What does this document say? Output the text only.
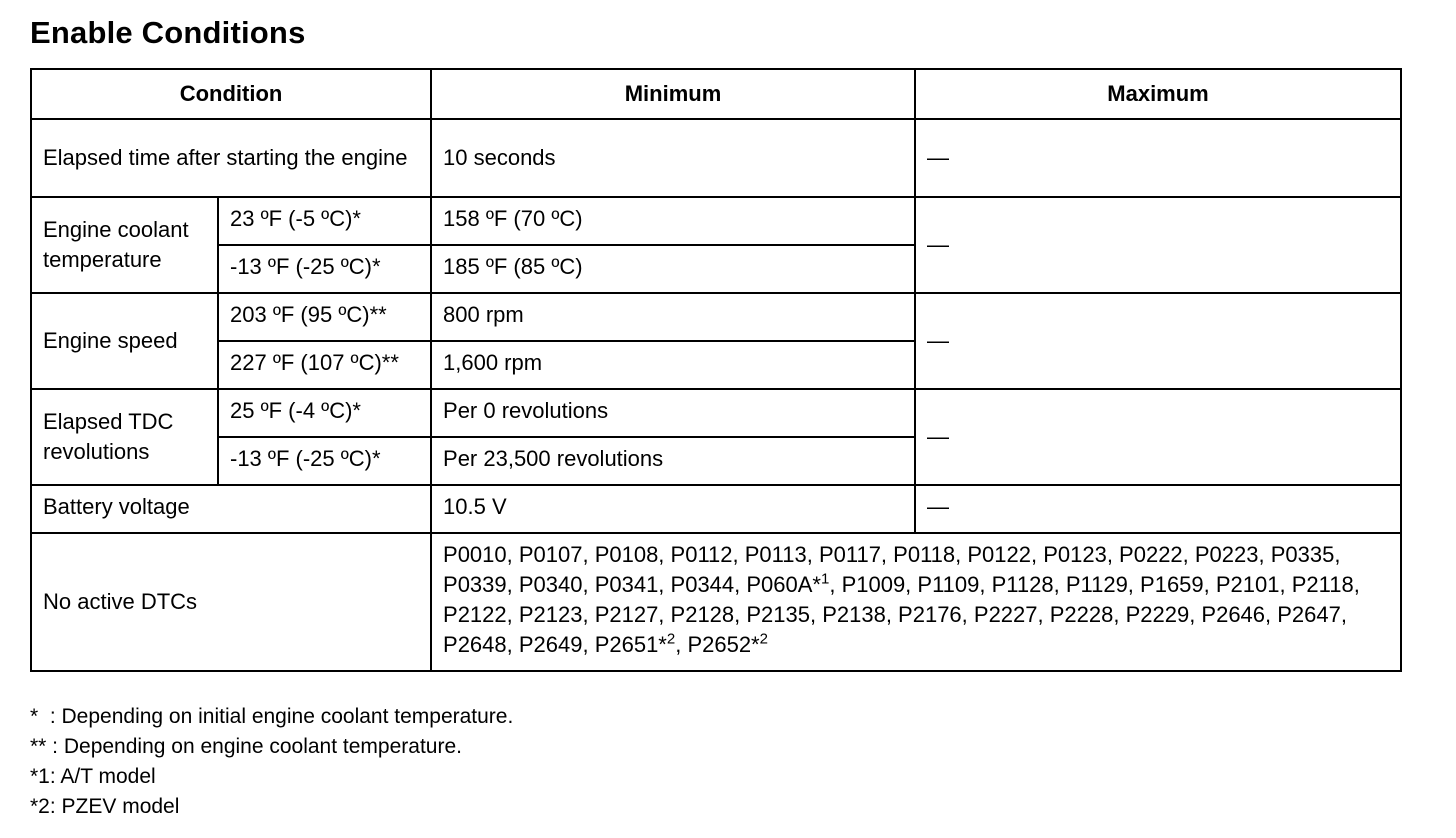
Enable Conditions
Condition		Minimum	Maximum
Elapsed time after starting the engine		10 seconds	—
Engine coolant temperature	23 ºF (-5 ºC)*	158 ºF (70 ºC)	—
	-13 ºF (-25 ºC)*	185 ºF (85 ºC)	
Engine speed	203 ºF (95 ºC)**	800 rpm	—
	227 ºF (107 ºC)**	1,600 rpm	
Elapsed TDC revolutions	25 ºF (-4 ºC)*	Per 0 revolutions	—
	-13 ºF (-25 ºC)*	Per 23,500 revolutions	
Battery voltage		10.5 V	—
No active DTCs		P0010, P0107, P0108, P0112, P0113, P0117, P0118, P0122, P0123, P0222, P0223, P0335, P0339, P0340, P0341, P0344, P060A*$^1$, P1009, P1109, P1128, P1129, P1659, P2101, P2118, P2122, P2123, P2127, P2128, P2135, P2138, P2176, P2227, P2228, P2229, P2646, P2647, P2648, P2649, P2651*$^2$, P2652*$^2$
*  : Depending on initial engine coolant temperature.
** : Depending on engine coolant temperature.
*1: A/T model
*2: PZEV model
